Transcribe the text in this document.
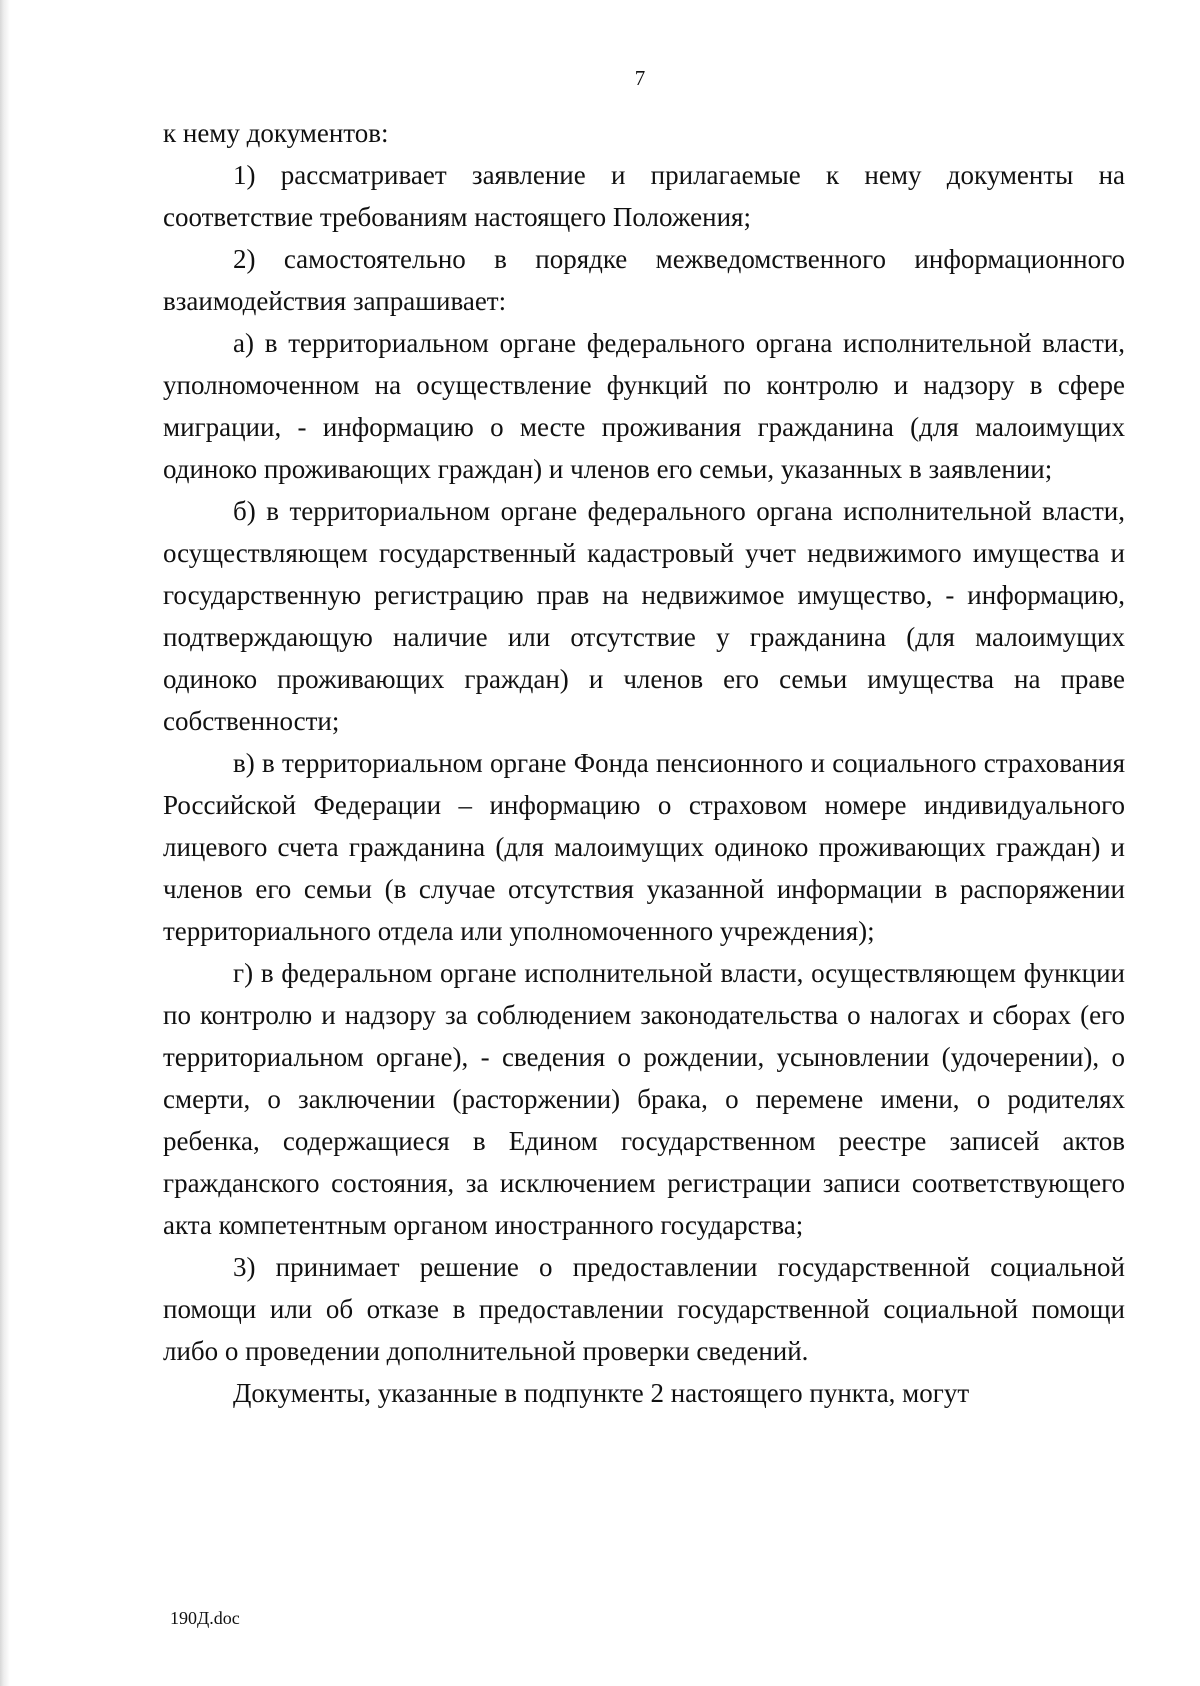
7

к нему документов:

1) рассматривает заявление и прилагаемые к нему документы на соответствие требованиям настоящего Положения;

2) самостоятельно в порядке межведомственного информационного взаимодействия запрашивает:

а) в территориальном органе федерального органа исполнительной власти, уполномоченном на осуществление функций по контролю и надзору в сфере миграции, - информацию о месте проживания гражданина (для малоимущих одиноко проживающих граждан) и членов его семьи, указанных в заявлении;

б) в территориальном органе федерального органа исполнительной власти, осуществляющем государственный кадастровый учет недвижимого имущества и государственную регистрацию прав на недвижимое имущество, - информацию, подтверждающую наличие или отсутствие у гражданина (для малоимущих одиноко проживающих граждан) и членов его семьи имущества на праве собственности;

в) в территориальном органе Фонда пенсионного и социального страхования Российской Федерации – информацию о страховом номере индивидуального лицевого счета гражданина (для малоимущих одиноко проживающих граждан) и членов его семьи (в случае отсутствия указанной информации в распоряжении территориального отдела или уполномоченного учреждения);

г) в федеральном органе исполнительной власти, осуществляющем функции по контролю и надзору за соблюдением законодательства о налогах и сборах (его территориальном органе), - сведения о рождении, усыновлении (удочерении), о смерти, о заключении (расторжении) брака, о перемене имени, о родителях ребенка, содержащиеся в Едином государственном реестре записей актов гражданского состояния, за исключением регистрации записи соответствующего акта компетентным органом иностранного государства;

3) принимает решение о предоставлении государственной социальной помощи или об отказе в предоставлении государственной социальной помощи либо о проведении дополнительной проверки сведений.

Документы, указанные в подпункте 2 настоящего пункта, могут

190Д.doc
